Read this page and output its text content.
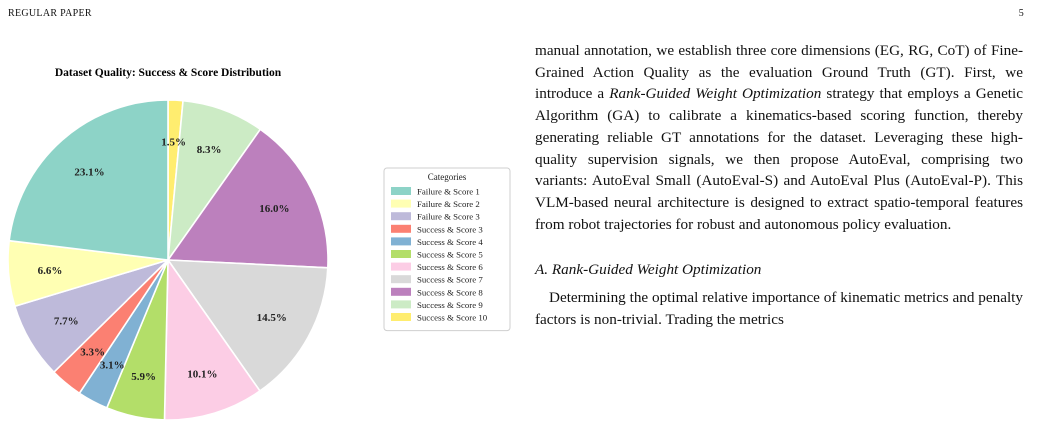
REGULAR PAPER	5
Dataset Quality: Success & Score Distribution
1.5%
8.3%
16.0%
14.5%
10.1%
5.9%
3.1%
3.3%
7.7%
6.6%
23.1%	Categories
Failure & Score 1
Failure & Score 2
Failure & Score 3
Success & Score 3
Success & Score 4
Success & Score 5
Success & Score 6
Success & Score 7
Success & Score 8
Success & Score 9
Success & Score 10

manual annotation, we establish three core dimensions (EG, RG, CoT) of Fine-Grained Action Quality as the evaluation Ground Truth (GT). First, we introduce a Rank-Guided Weight Optimization strategy that employs a Genetic Algorithm (GA) to calibrate a kinematics-based scoring function, thereby generating reliable GT annotations for the dataset. Leveraging these high-quality supervision signals, we then propose AutoEval, comprising two variants: AutoEval Small (AutoEval-S) and AutoEval Plus (AutoEval-P). This VLM-based neural architecture is designed to extract spatio-temporal features from robot trajectories for robust and autonomous policy evaluation.

A. Rank-Guided Weight Optimization

Determining the optimal relative importance of kinematic metrics and penalty factors is non-trivial. Trading the metrics
